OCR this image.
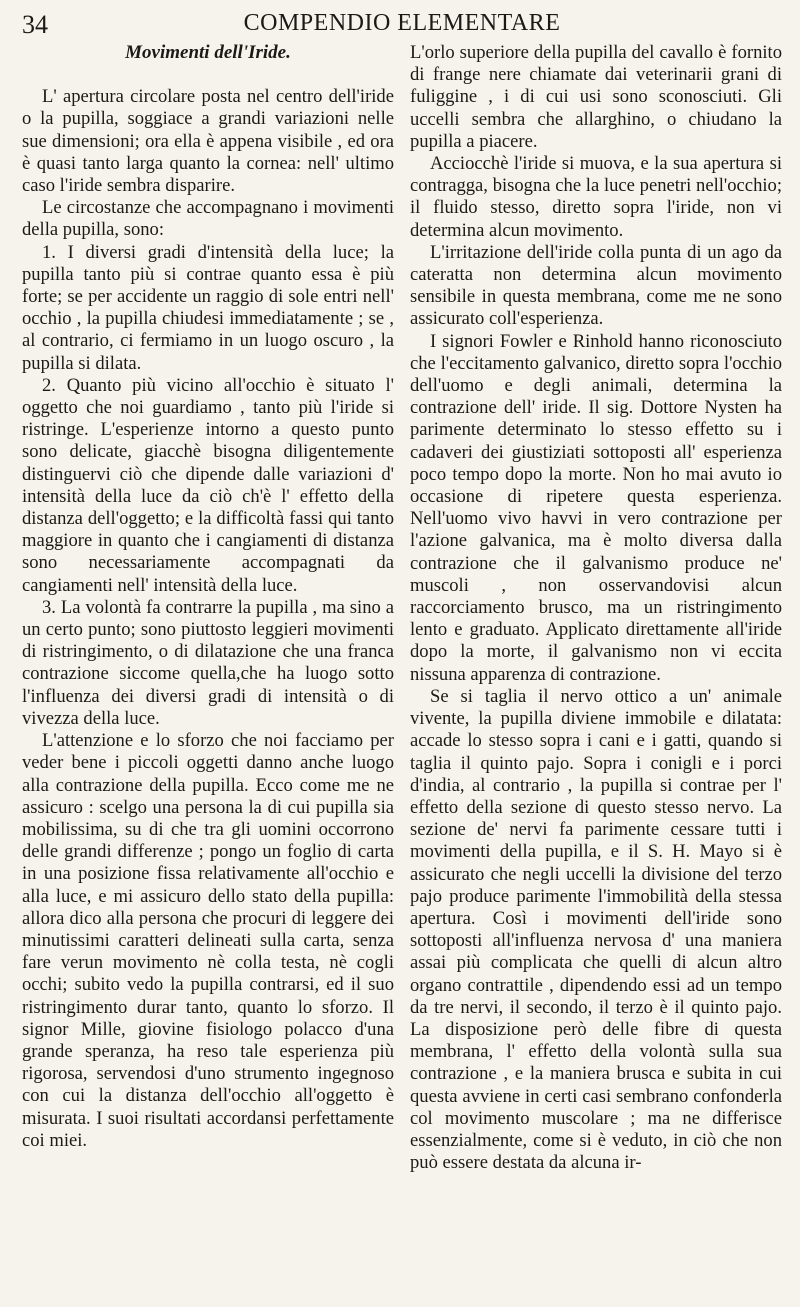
34	COMPENDIO ELEMENTARE
Movimenti dell'Iride.

L' apertura circolare posta nel centro dell'iride o la pupilla, soggiace a grandi variazioni nelle sue dimensioni; ora ella è appena visibile , ed ora è quasi tanto larga quanto la cornea: nell' ultimo caso l'iride sembra disparire.

Le circostanze che accompagnano i movimenti della pupilla, sono:

1. I diversi gradi d'intensità della luce; la pupilla tanto più si contrae quanto essa è più forte; se per accidente un raggio di sole entri nell' occhio , la pupilla chiudesi immediatamente ; se , al contrario, ci fermiamo in un luogo oscuro , la pupilla si dilata.

2. Quanto più vicino all'occhio è situato l' oggetto che noi guardiamo , tanto più l'iride si ristringe. L'esperienze intorno a questo punto sono delicate, giacchè bisogna diligentemente distinguervi ciò che dipende dalle variazioni d' intensità della luce da ciò ch'è l' effetto della distanza dell'oggetto; e la difficoltà fassi qui tanto maggiore in quanto che i cangiamenti di distanza sono necessariamente accompagnati da cangiamenti nell' intensità della luce.

3. La volontà fa contrarre la pupilla , ma sino a un certo punto; sono piuttosto leggieri movimenti di ristringimento, o di dilatazione che una franca contrazione siccome quella,che ha luogo sotto l'influenza dei diversi gradi di intensità o di vivezza della luce.

L'attenzione e lo sforzo che noi facciamo per veder bene i piccoli oggetti danno anche luogo alla contrazione della pupilla. Ecco come me ne assicuro : scelgo una persona la di cui pupilla sia mobilissima, su di che tra gli uomini occorrono delle grandi differenze ; pongo un foglio di carta in una posizione fissa relativamente all'occhio e alla luce, e mi assicuro dello stato della pupilla: allora dico alla persona che procuri di leggere dei minutissimi caratteri delineati sulla carta, senza fare verun movimento nè colla testa, nè cogli occhi; subito vedo la pupilla contrarsi, ed il suo ristringimento durar tanto, quanto lo sforzo. Il signor Mille, giovine fisiologo polacco d'una grande speranza, ha reso tale esperienza più rigorosa, servendosi d'uno strumento ingegnoso con cui la distanza dell'occhio all'oggetto è misurata. I suoi risultati accordansi perfettamente coi miei.

L'orlo superiore della pupilla del cavallo è fornito di frange nere chiamate dai veterinarii grani di fuliggine , i di cui usi sono sconosciuti. Gli uccelli sembra che allarghino, o chiudano la pupilla a piacere.

Acciocchè l'iride si muova, e la sua apertura si contragga, bisogna che la luce penetri nell'occhio; il fluido stesso, diretto sopra l'iride, non vi determina alcun movimento.

L'irritazione dell'iride colla punta di un ago da cateratta non determina alcun movimento sensibile in questa membrana, come me ne sono assicurato coll'esperienza.

I signori Fowler e Rinhold hanno riconosciuto che l'eccitamento galvanico, diretto sopra l'occhio dell'uomo e degli animali, determina la contrazione dell' iride. Il sig. Dottore Nysten ha parimente determinato lo stesso effetto su i cadaveri dei giustiziati sottoposti all' esperienza poco tempo dopo la morte. Non ho mai avuto io occasione di ripetere questa esperienza. Nell'uomo vivo havvi in vero contrazione per l'azione galvanica, ma è molto diversa dalla contrazione che il galvanismo produce ne' muscoli , non osservandovisi alcun raccorciamento brusco, ma un ristringimento lento e graduato. Applicato direttamente all'iride dopo la morte, il galvanismo non vi eccita nissuna apparenza di contrazione.

Se si taglia il nervo ottico a un' animale vivente, la pupilla diviene immobile e dilatata: accade lo stesso sopra i cani e i gatti, quando si taglia il quinto pajo. Sopra i conigli e i porci d'india, al contrario , la pupilla si contrae per l' effetto della sezione di questo stesso nervo. La sezione de' nervi fa parimente cessare tutti i movimenti della pupilla, e il S. H. Mayo si è assicurato che negli uccelli la divisione del terzo pajo produce parimente l'immobilità della stessa apertura. Così i movimenti dell'iride sono sottoposti all'influenza nervosa d' una maniera assai più complicata che quelli di alcun altro organo contrattile , dipendendo essi ad un tempo da tre nervi, il secondo, il terzo è il quinto pajo. La disposizione però delle fibre di questa membrana, l' effetto della volontà sulla sua contrazione , e la maniera brusca e subita in cui questa avviene in certi casi sembrano confonderla col movimento muscolare ; ma ne differisce essenzialmente, come si è veduto, in ciò che non può essere destata da alcuna ir-
